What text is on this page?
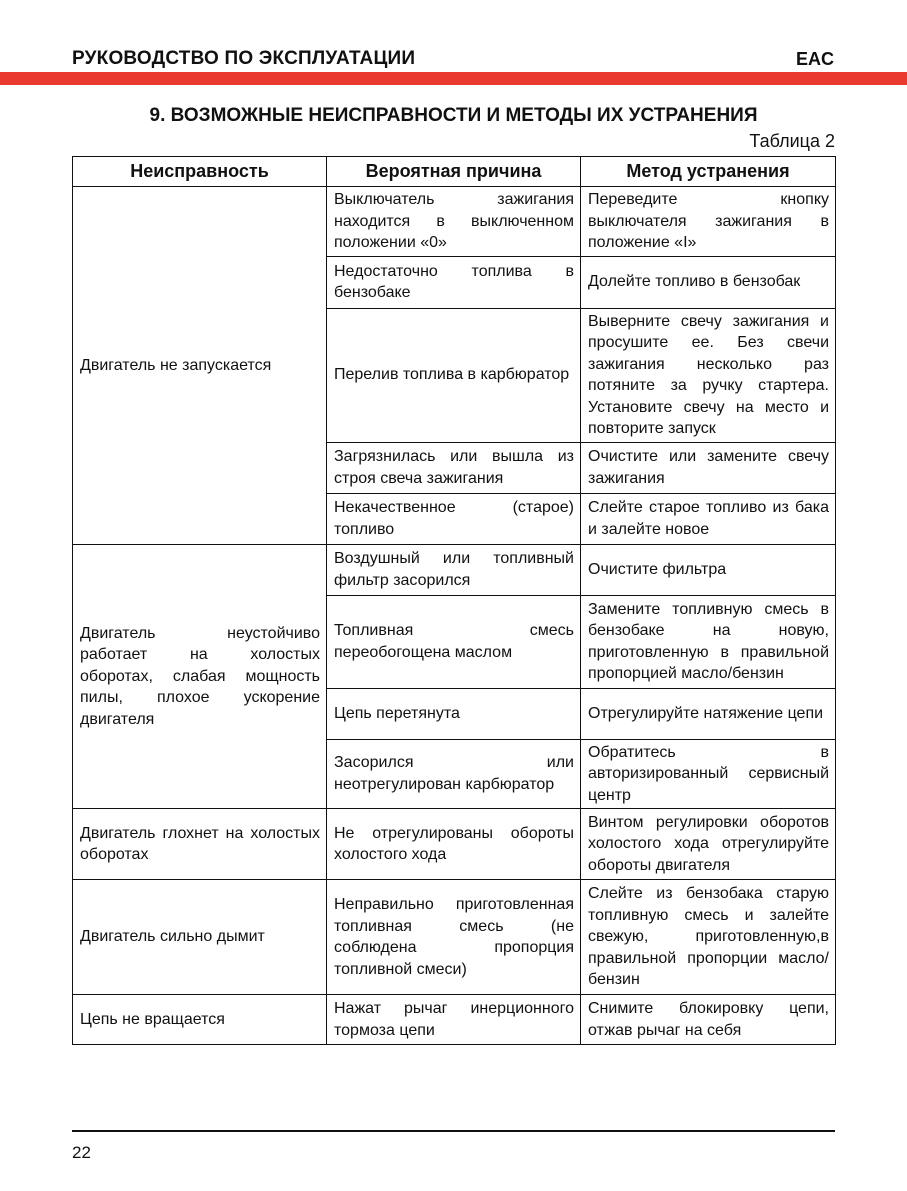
РУКОВОДСТВО ПО ЭКСПЛУАТАЦИИ	EAC
9. ВОЗМОЖНЫЕ НЕИСПРАВНОСТИ И МЕТОДЫ ИХ УСТРАНЕНИЯ
Таблица 2
Неисправность	Вероятная причина	Метод устранения
Двигатель не запускается	Выключатель зажигания находится в выключенном положении «0»	Переведите кнопку выключателя зажигания в положение «I»
	Недостаточно топлива в бензобаке	Долейте топливо в бензобак
	Перелив топлива в карбюратор	Выверните свечу зажигания и просушите ее. Без свечи зажигания несколько раз потяните за ручку стартера. Установите свечу на место и повторите запуск
	Загрязнилась или вышла из строя свеча зажигания	Очистите или замените свечу зажигания
	Некачественное (старое) топливо	Слейте старое топливо из бака и залейте новое
Двигатель неустойчиво работает на холостых оборотах, слабая мощность пилы, плохое ускорение двигателя	Воздушный или топливный фильтр засорился	Очистите фильтра
	Топливная смесь переобогощена маслом	Замените топливную смесь в бензобаке на новую, приготовленную в правильной пропорцией масло/бензин
	Цепь перетянута	Отрегулируйте натяжение цепи
	Засорился или неотрегулирован карбюратор	Обратитесь в авторизированный сервисный центр
Двигатель глохнет на холостых оборотах	Не отрегулированы обороты холостого хода	Винтом регулировки оборотов холостого хода отрегулируйте обороты двигателя
Двигатель сильно дымит	Неправильно приготовленная топливная смесь (не соблюдена пропорция топливной смеси)	Слейте из бензобака старую топливную смесь и залейте свежую, приготовленную,в правильной пропорции масло/бензин
Цепь не вращается	Нажат рычаг инерционного тормоза цепи	Снимите блокировку цепи, отжав рычаг на себя
22
